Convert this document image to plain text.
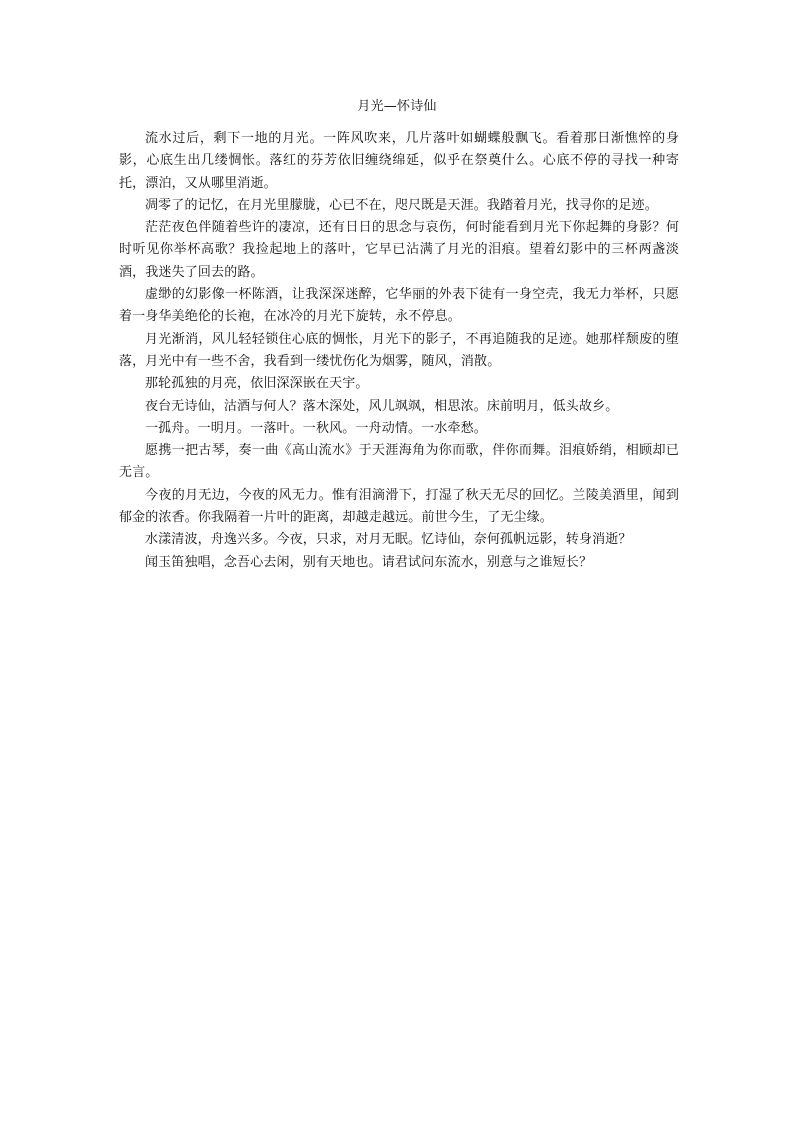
月光—怀诗仙

流水过后，剩下一地的月光。一阵风吹来，几片落叶如蝴蝶般飘飞。看着那日渐憔悴的身影，心底生出几缕惆怅。落红的芬芳依旧缠绕绵延，似乎在祭奠什么。心底不停的寻找一种寄托，漂泊，又从哪里消逝。

凋零了的记忆，在月光里朦胧，心已不在，咫尺既是天涯。我踏着月光，找寻你的足迹。

茫茫夜色伴随着些许的凄凉，还有日日的思念与哀伤，何时能看到月光下你起舞的身影？何时听见你举杯高歌？我捡起地上的落叶，它早已沾满了月光的泪痕。望着幻影中的三杯两盏淡酒，我迷失了回去的路。

虚缈的幻影像一杯陈酒，让我深深迷醉，它华丽的外表下徒有一身空壳，我无力举杯，只愿着一身华美绝伦的长袍，在冰冷的月光下旋转，永不停息。

月光渐消，风儿轻轻锁住心底的惆怅，月光下的影子，不再追随我的足迹。她那样颓废的堕落，月光中有一些不舍，我看到一缕忧伤化为烟雾，随风，消散。

那轮孤独的月亮，依旧深深嵌在天宇。

夜台无诗仙，沽酒与何人？落木深处，风儿飒飒，相思浓。床前明月，低头故乡。

一孤舟。一明月。一落叶。一秋风。一舟动情。一水牵愁。

愿携一把古琴，奏一曲《高山流水》于天涯海角为你而歌，伴你而舞。泪痕娇绡，相顾却已无言。

今夜的月无边，今夜的风无力。惟有泪滴滑下，打湿了秋天无尽的回忆。兰陵美酒里，闻到郁金的浓香。你我隔着一片叶的距离，却越走越远。前世今生，了无尘缘。

水漾清波，舟逸兴多。今夜，只求，对月无眠。忆诗仙，奈何孤帆远影，转身消逝？

闻玉笛独唱，念吾心去闲，别有天地也。请君试问东流水，别意与之谁短长？
